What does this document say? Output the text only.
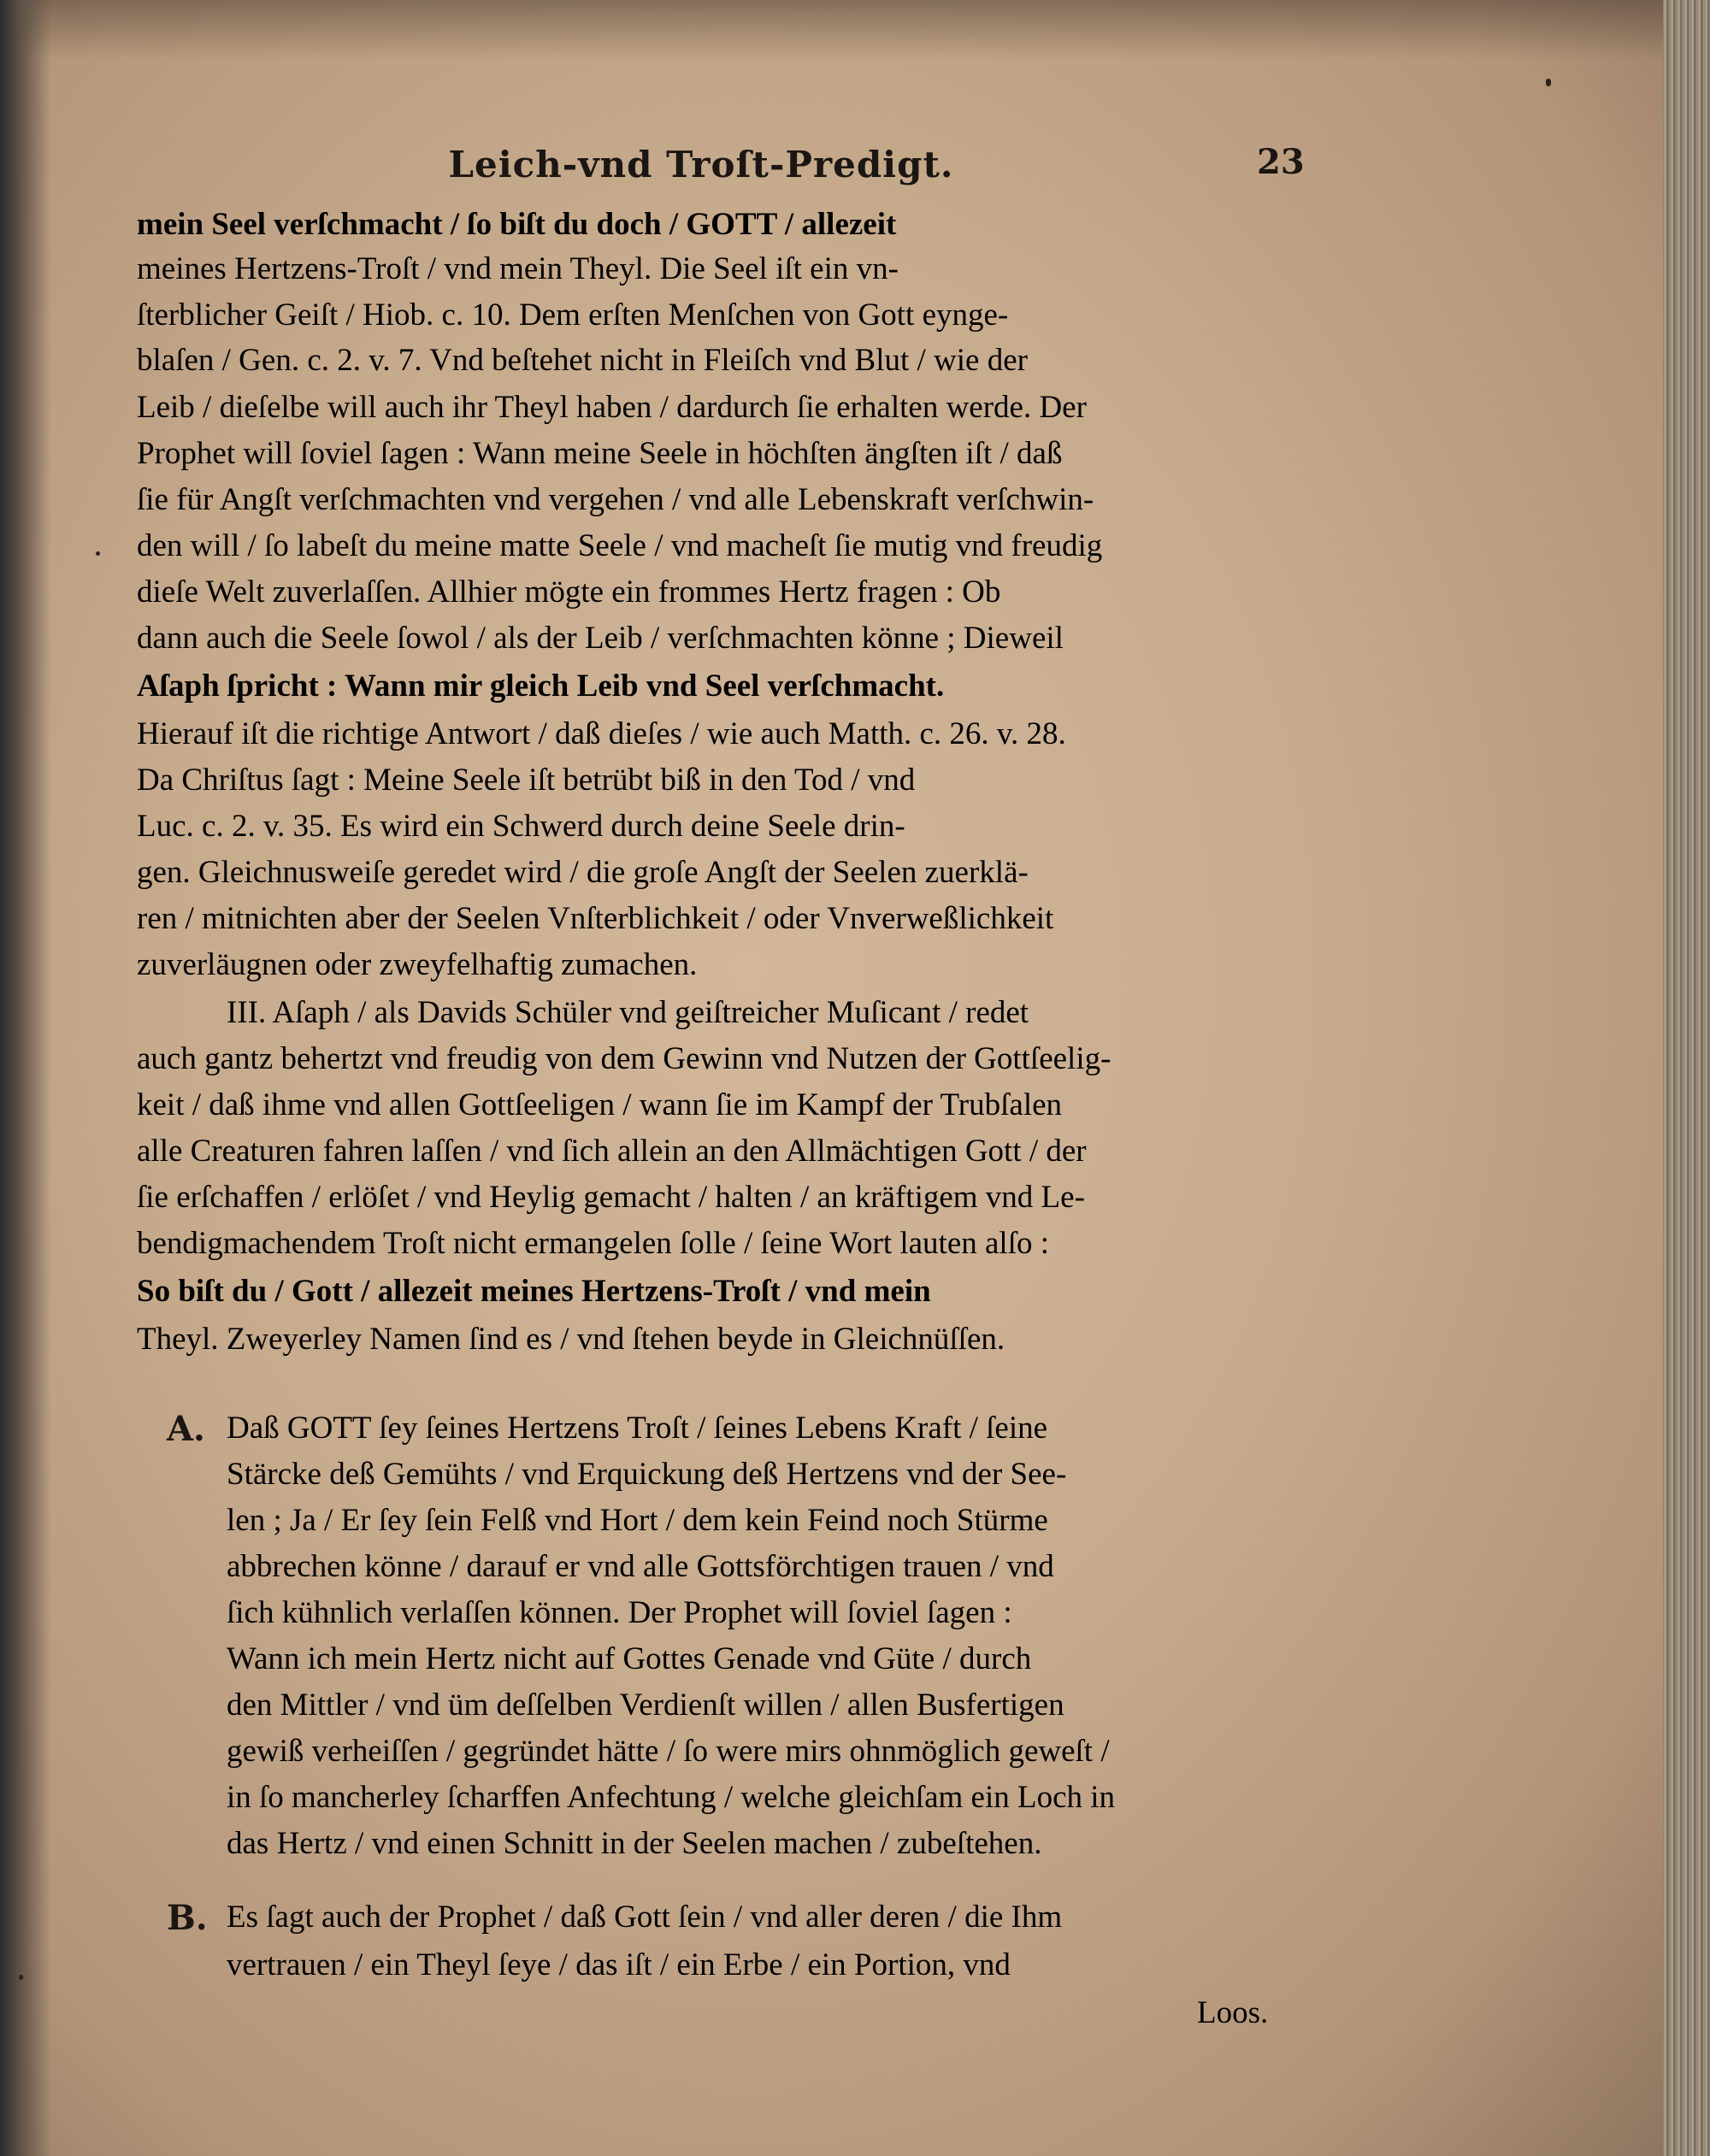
Leich-vnd Troſt-Predigt.	23
mein Seel verſchmacht / ſo biſt du doch / GOTT / allezeit
meines Hertzens-Troſt / vnd mein Theyl. Die Seel iſt ein vn-
ſterblicher Geiſt / Hiob. c. 10. Dem erſten Menſchen von Gott eynge-
blaſen / Gen. c. 2. v. 7. Vnd beſtehet nicht in Fleiſch vnd Blut / wie der
Leib / dieſelbe will auch ihr Theyl haben / dardurch ſie erhalten werde. Der
Prophet will ſoviel ſagen : Wann meine Seele in höchſten ängſten iſt / daß
ſie für Angſt verſchmachten vnd vergehen / vnd alle Lebenskraft verſchwin-
den will / ſo labeſt du meine matte Seele / vnd macheſt ſie mutig vnd freudig
dieſe Welt zuverlaſſen. Allhier mögte ein frommes Hertz fragen : Ob
dann auch die Seele ſowol / als der Leib / verſchmachten könne ; Dieweil
Aſaph ſpricht : Wann mir gleich Leib vnd Seel verſchmacht.
Hierauf iſt die richtige Antwort / daß dieſes / wie auch Matth. c. 26. v. 28.
Da Chriſtus ſagt : Meine Seele iſt betrübt biß in den Tod / vnd
Luc. c. 2. v. 35. Es wird ein Schwerd durch deine Seele drin-
gen. Gleichnusweiſe geredet wird / die groſe Angſt der Seelen zuerklä-
ren / mitnichten aber der Seelen Vnſterblichkeit / oder Vnverweßlichkeit
zuverläugnen oder zweyfelhaftig zumachen.
III. Aſaph / als Davids Schüler vnd geiſtreicher Muſicant / redet
auch gantz behertzt vnd freudig von dem Gewinn vnd Nutzen der Gottſeelig-
keit / daß ihme vnd allen Gottſeeligen / wann ſie im Kampf der Trubſalen
alle Creaturen fahren laſſen / vnd ſich allein an den Allmächtigen Gott / der
ſie erſchaffen / erlöſet / vnd Heylig gemacht / halten / an kräftigem vnd Le-
bendigmachendem Troſt nicht ermangelen ſolle / ſeine Wort lauten alſo :
So biſt du / Gott / allezeit meines Hertzens-Troſt / vnd mein
Theyl. Zweyerley Namen ſind es / vnd ſtehen beyde in Gleichnüſſen.
A. Daß GOTT ſey ſeines Hertzens Troſt / ſeines Lebens Kraft / ſeine
Stärcke deß Gemühts / vnd Erquickung deß Hertzens vnd der See-
len ; Ja / Er ſey ſein Felß vnd Hort / dem kein Feind noch Stürme
abbrechen könne / darauf er vnd alle Gottsförchtigen trauen / vnd
ſich kühnlich verlaſſen können. Der Prophet will ſoviel ſagen :
Wann ich mein Hertz nicht auf Gottes Genade vnd Güte / durch
den Mittler / vnd üm deſſelben Verdienſt willen / allen Busfertigen
gewiß verheiſſen / gegründet hätte / ſo were mirs ohnmöglich geweſt /
in ſo mancherley ſcharffen Anfechtung / welche gleichſam ein Loch in
das Hertz / vnd einen Schnitt in der Seelen machen / zubeſtehen.
B. Es ſagt auch der Prophet / daß Gott ſein / vnd aller deren / die Ihm
vertrauen / ein Theyl ſeye / das iſt / ein Erbe / ein Portion, vnd
Loos.
